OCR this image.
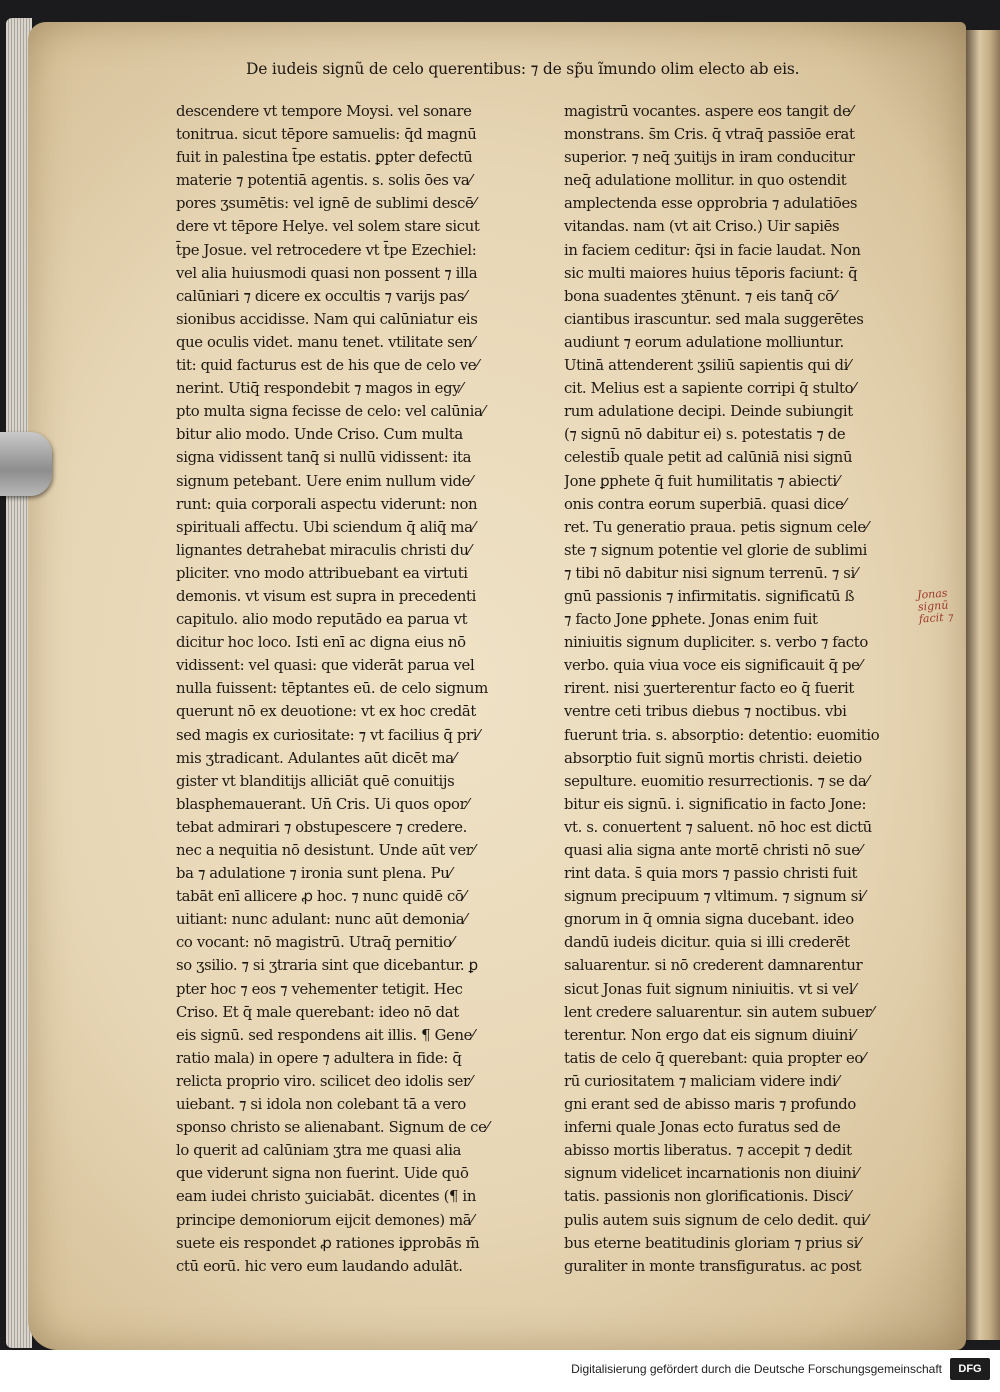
De iudeis signũ de celo querentibus: ⁊ de sp̃u ĩmundo olim electo ab eis.
descendere vt tempore Moysi. vel sonare
tonitrua. sicut tēpore samuelis: q̄d magnū
fuit in palestina t̄pe estatis. ꝑpter defectū
materie ⁊ potentiā agentis. s. solis ōes va⁄
pores ʒsumētis: vel ignē de sublimi descē⁄
dere vt tēpore Helye. vel solem stare sicut
t̄pe Josue. vel retrocedere vt t̄pe Ezechiel:
vel alia huiusmodi quasi non possent ⁊ illa
calūniari ⁊ dicere ex occultis ⁊ varijs pas⁄
sionibus accidisse. Nam qui calūniatur eis
que oculis videt. manu tenet. vtilitate sen⁄
tit: quid facturus est de his que de celo ve⁄
nerint. Utiq̄ respondebit ⁊ magos in egy⁄
pto multa signa fecisse de celo: vel calūnia⁄
bitur alio modo. Unde Criso. Cum multa
signa vidissent tanq̄ si nullū vidissent: ita
signum petebant. Uere enim nullum vide⁄
runt: quia corporali aspectu viderunt: non
spirituali affectu. Ubi sciendum q̄ aliq̄ ma⁄
lignantes detrahebat miraculis christi du⁄
pliciter. vno modo attribuebant ea virtuti
demonis. vt visum est supra in precedenti
capitulo. alio modo reputādo ea parua vt
dicitur hoc loco. Isti enī ac digna eius nō
vidissent: vel quasi: que viderāt parua vel
nulla fuissent: tēptantes eū. de celo signum
querunt nō ex deuotione: vt ex hoc credāt
sed magis ex curiositate: ⁊ vt facilius q̄ pri⁄
mis ʒtradicant. Adulantes aūt dicēt ma⁄
gister vt blanditijs alliciāt quē conuitijs
blasphemauerant. Un̄ Cris. Ui quos opor⁄
tebat admirari ⁊ obstupescere ⁊ credere.
nec a nequitia nō desistunt. Unde aūt ver⁄
ba ⁊ adulatione ⁊ ironia sunt plena. Pu⁄
tabāt enī allicere ꝓ hoc. ⁊ nunc quidē cō⁄
uitiant: nunc adulant: nunc aūt demonia⁄
co vocant: nō magistrū. Utraq̄ pernitio⁄
so ʒsilio. ⁊ si ʒtraria sint que dicebantur. ꝑ
pter hoc ⁊ eos ⁊ vehementer tetigit. Hec
Criso. Et q̄ male querebant: ideo nō dat
eis signū. sed respondens ait illis. ¶ Gene⁄
ratio mala) in opere ⁊ adultera in fide: q̄
relicta proprio viro. scilicet deo idolis ser⁄
uiebant. ⁊ si idola non colebant tā a vero
sponso christo se alienabant. Signum de ce⁄
lo querit ad calūniam ʒtra me quasi alia
que viderunt signa non fuerint. Uide quō
eam iudei christo ʒuiciabāt. dicentes (¶ in
principe demoniorum eijcit demones) mā⁄
suete eis respondet ꝓ rationes iꝑprobās m̄
ctū eorū. hic vero eum laudando adulāt.
magistrū vocantes. aspere eos tangit de⁄
monstrans. s̄m Cris. q̄ vtraq̄ passiōe erat
superior. ⁊ neq̄ ʒuitijs in iram conducitur
neq̄ adulatione mollitur. in quo ostendit
amplectenda esse opprobria ⁊ adulatiōes
vitandas. nam (vt ait Criso.) Uir sapiēs
in faciem ceditur: q̄si in facie laudat. Non
sic multi maiores huius tēporis faciunt: q̄
bona suadentes ʒtēnunt. ⁊ eis tanq̄ cō⁄
ciantibus irascuntur. sed mala suggerētes
audiunt ⁊ eorum adulatione molliuntur.
Utinā attenderent ʒsiliū sapientis qui di⁄
cit. Melius est a sapiente corripi q̄ stulto⁄
rum adulatione decipi. Deinde subiungit
(⁊ signū nō dabitur ei) s. potestatis ⁊ de
celestib̄ quale petit ad calūniā nisi signū
Jone ꝑphete q̄ fuit humilitatis ⁊ abiecti⁄
onis contra eorum superbiā. quasi dice⁄
ret. Tu generatio praua. petis signum cele⁄
ste ⁊ signum potentie vel glorie de sublimi
⁊ tibi nō dabitur nisi signum terrenū. ⁊ si⁄
gnū passionis ⁊ infirmitatis. significatū ß
⁊ facto Jone ꝑphete. Jonas enim fuit
niniuitis signum dupliciter. s. verbo ⁊ facto
verbo. quia viua voce eis significauit q̄ pe⁄
rirent. nisi ʒuerterentur facto eo q̄ fuerit
ventre ceti tribus diebus ⁊ noctibus. vbi
fuerunt tria. s. absorptio: detentio: euomitio
absorptio fuit signū mortis christi. deietio
sepulture. euomitio resurrectionis. ⁊ se da⁄
bitur eis signū. i. significatio in facto Jone:
vt. s. conuertent ⁊ saluent. nō hoc est dictū
quasi alia signa ante mortē christi nō sue⁄
rint data. s̄ quia mors ⁊ passio christi fuit
signum precipuum ⁊ vltimum. ⁊ signum si⁄
gnorum in q̄ omnia signa ducebant. ideo
dandū iudeis dicitur. quia si illi crederēt
saluarentur. si nō crederent damnarentur
sicut Jonas fuit signum niniuitis. vt si vel⁄
lent credere saluarentur. sin autem subuer⁄
terentur. Non ergo dat eis signum diuini⁄
tatis de celo q̄ querebant: quia propter eo⁄
rū curiositatem ⁊ maliciam videre indi⁄
gni erant sed de abisso maris ⁊ profundo
inferni quale Jonas ecto furatus sed de
abisso mortis liberatus. ⁊ accepit ⁊ dedit
signum videlicet incarnationis non diuini⁄
tatis. passionis non glorificationis. Disci⁄
pulis autem suis signum de celo dedit. qui⁄
bus eterne beatitudinis gloriam ⁊ prius si⁄
guraliter in monte transfiguratus. ac post
Jonas signū facit ⁊
Digitalisierung gefördert durch die Deutsche Forschungsgemeinschaft	DFG
